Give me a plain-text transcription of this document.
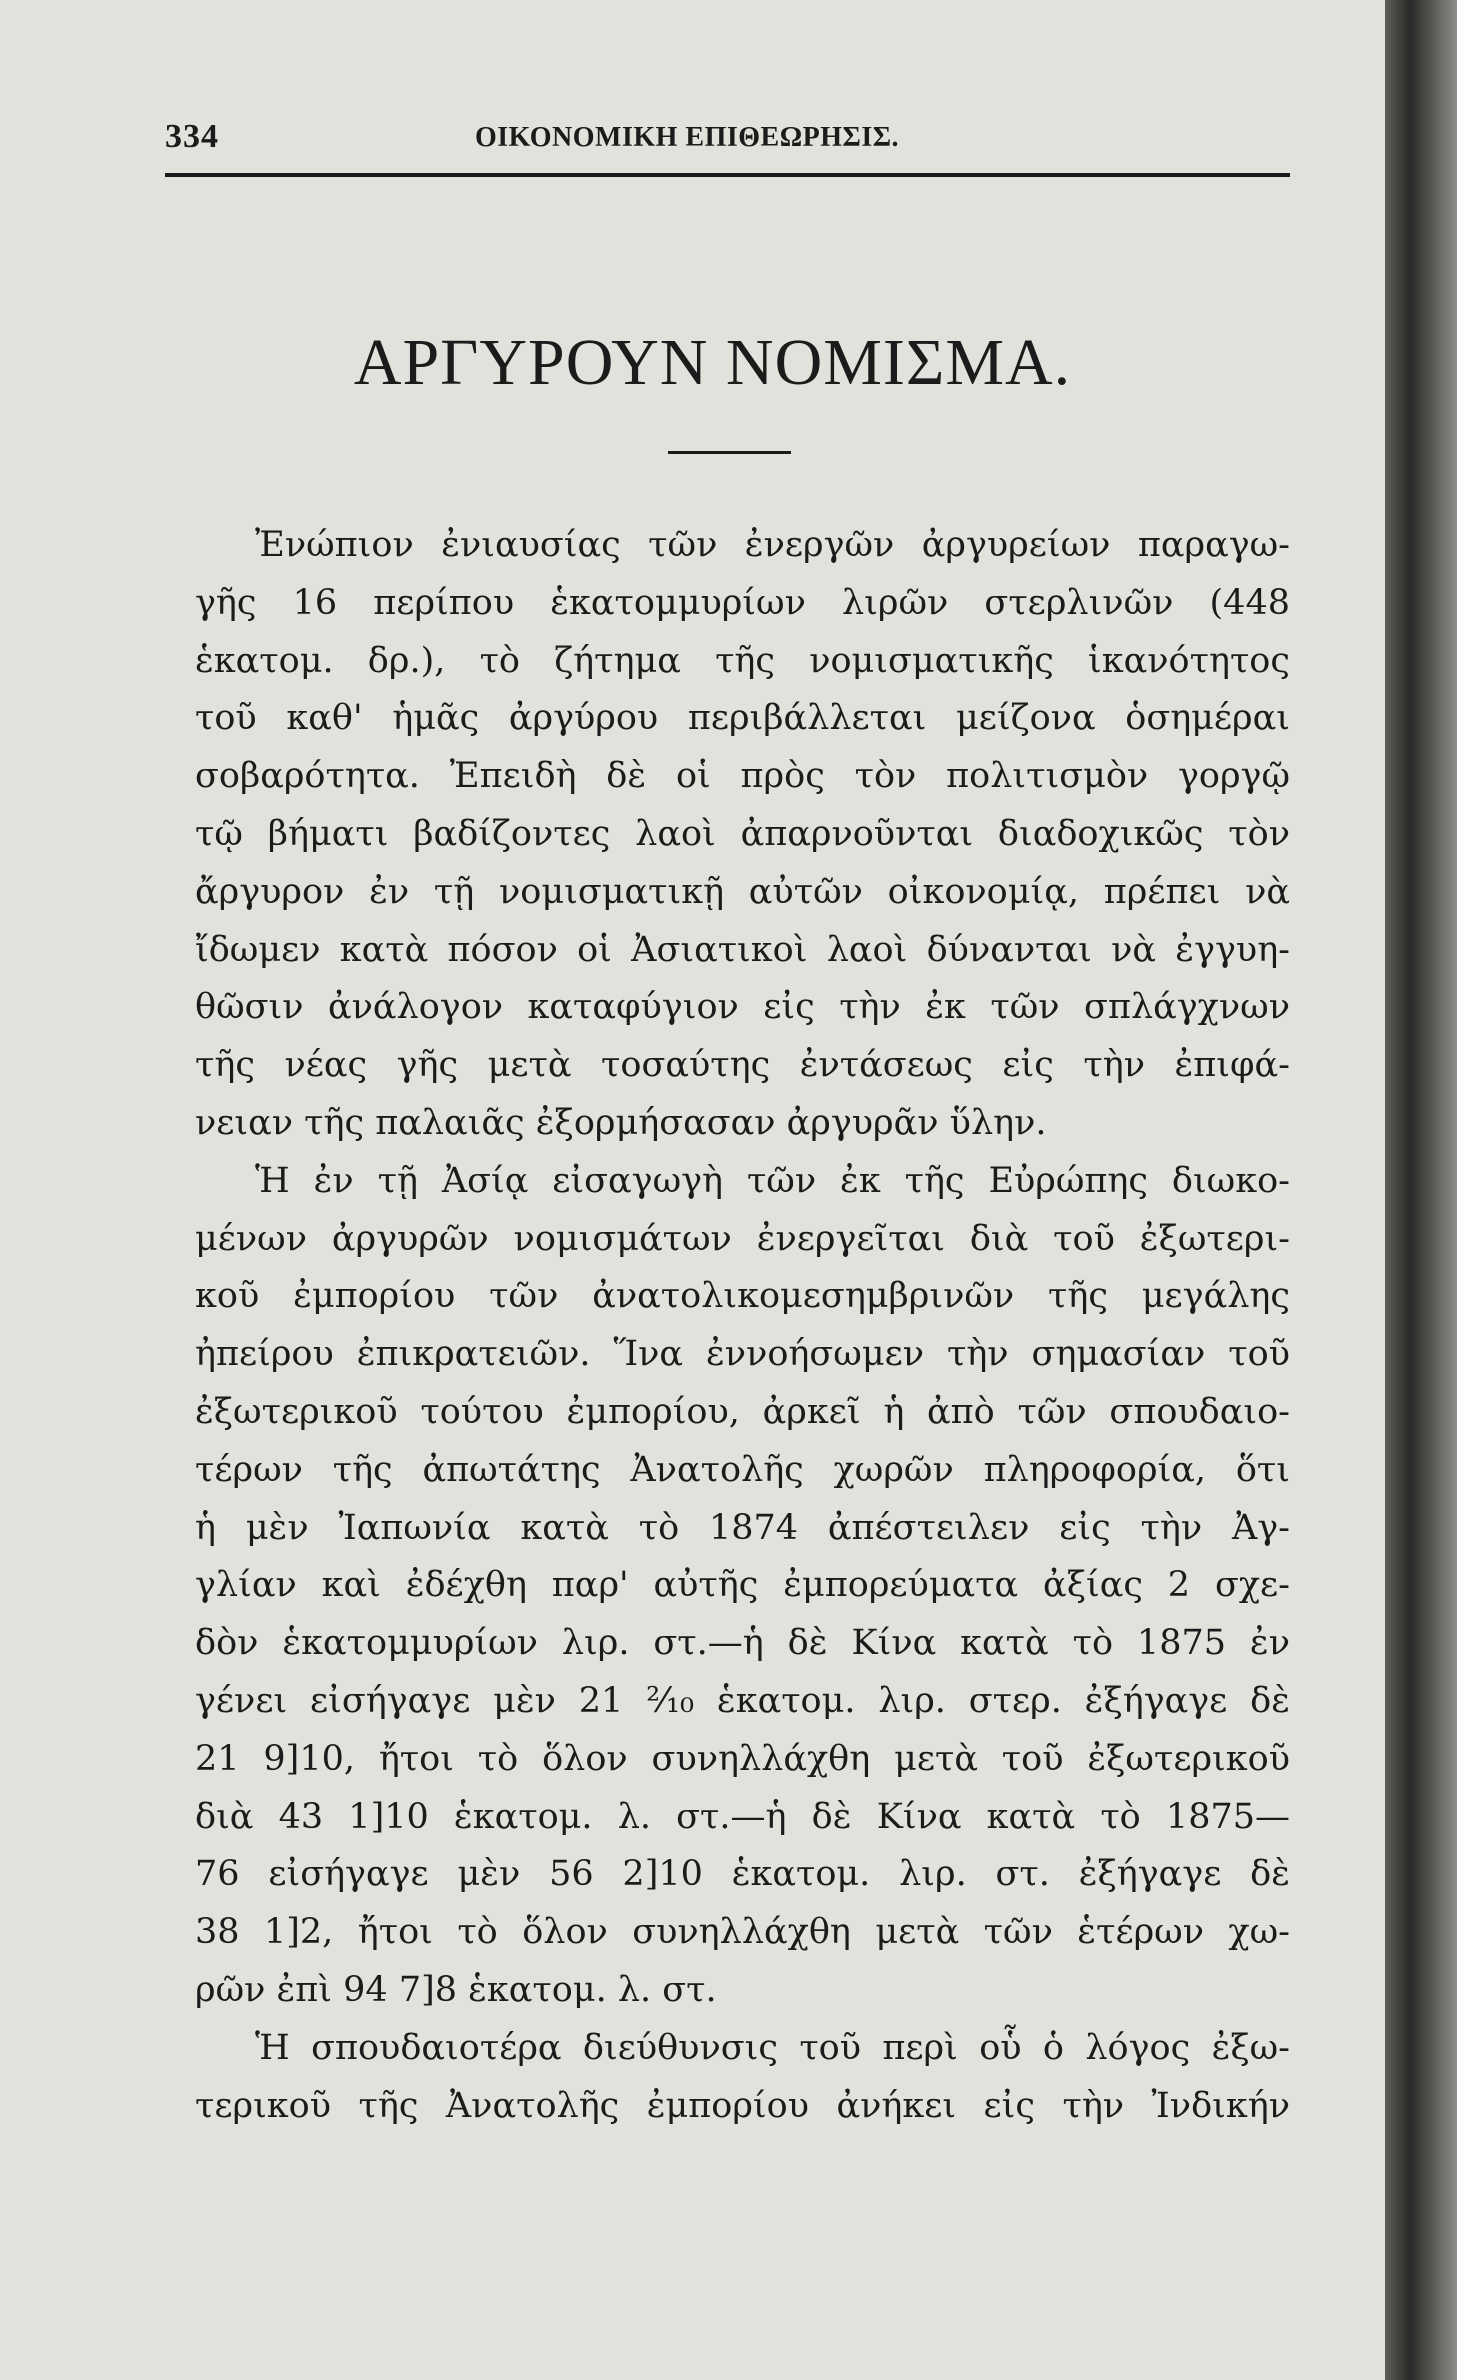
334	ΟΙΚΟΝΟΜΙΚΗ ΕΠΙΘΕΩΡΗΣΙΣ.
ΑΡΓΥΡΟΥΝ ΝΟΜΙΣΜΑ.
Ἐνώπιον ἐνιαυσίας τῶν ἐνεργῶν ἀργυρείων παραγω-
γῆς 16 περίπου ἑκατομμυρίων λιρῶν στερλινῶν (448
ἑκατομ. δρ.), τὸ ζήτημα τῆς νομισματικῆς ἱκανότητος
τοῦ καθ' ἡμᾶς ἀργύρου περιβάλλεται μείζονα ὁσημέραι
σοβαρότητα. Ἐπειδὴ δὲ οἱ πρὸς τὸν πολιτισμὸν γοργῷ
τῷ βήματι βαδίζοντες λαοὶ ἀπαρνοῦνται διαδοχικῶς τὸν
ἄργυρον ἐν τῇ νομισματικῇ αὐτῶν οἰκονομίᾳ, πρέπει νὰ
ἴδωμεν κατὰ πόσον οἱ Ἀσιατικοὶ λαοὶ δύνανται νὰ ἐγγυη-
θῶσιν ἀνάλογον καταφύγιον εἰς τὴν ἐκ τῶν σπλάγχνων
τῆς νέας γῆς μετὰ τοσαύτης ἐντάσεως εἰς τὴν ἐπιφά-
νειαν τῆς παλαιᾶς ἐξορμήσασαν ἀργυρᾶν ὕλην.
Ἡ ἐν τῇ Ἀσίᾳ εἰσαγωγὴ τῶν ἐκ τῆς Εὐρώπης διωκο-
μένων ἀργυρῶν νομισμάτων ἐνεργεῖται διὰ τοῦ ἐξωτερι-
κοῦ ἐμπορίου τῶν ἀνατολικομεσημβρινῶν τῆς μεγάλης
ἠπείρου ἐπικρατειῶν. Ἵνα ἐννοήσωμεν τὴν σημασίαν τοῦ
ἐξωτερικοῦ τούτου ἐμπορίου, ἀρκεῖ ἡ ἀπὸ τῶν σπουδαιο-
τέρων τῆς ἀπωτάτης Ἀνατολῆς χωρῶν πληροφορία, ὅτι
ἡ μὲν Ἰαπωνία κατὰ τὸ 1874 ἀπέστειλεν εἰς τὴν Ἀγ-
γλίαν καὶ ἐδέχθη παρ' αὐτῆς ἐμπορεύματα ἀξίας 2 σχε-
δὸν ἑκατομμυρίων λιρ. στ.—ἡ δὲ Κίνα κατὰ τὸ 1875 ἐν
γένει εἰσήγαγε μὲν 21 ²⁄₁₀ ἑκατομ. λιρ. στερ. ἐξήγαγε δὲ
21 9]10, ἤτοι τὸ ὅλον συνηλλάχθη μετὰ τοῦ ἐξωτερικοῦ
διὰ 43 1]10 ἑκατομ. λ. στ.—ἡ δὲ Κίνα κατὰ τὸ 1875—
76 εἰσήγαγε μὲν 56 2]10 ἑκατομ. λιρ. στ. ἐξήγαγε δὲ
38 1]2, ἤτοι τὸ ὅλον συνηλλάχθη μετὰ τῶν ἑτέρων χω-
ρῶν ἐπὶ 94 7]8 ἑκατομ. λ. στ.
Ἡ σπουδαιοτέρα διεύθυνσις τοῦ περὶ οὗ ὁ λόγος ἐξω-
τερικοῦ τῆς Ἀνατολῆς ἐμπορίου ἀνήκει εἰς τὴν Ἰνδικήν
